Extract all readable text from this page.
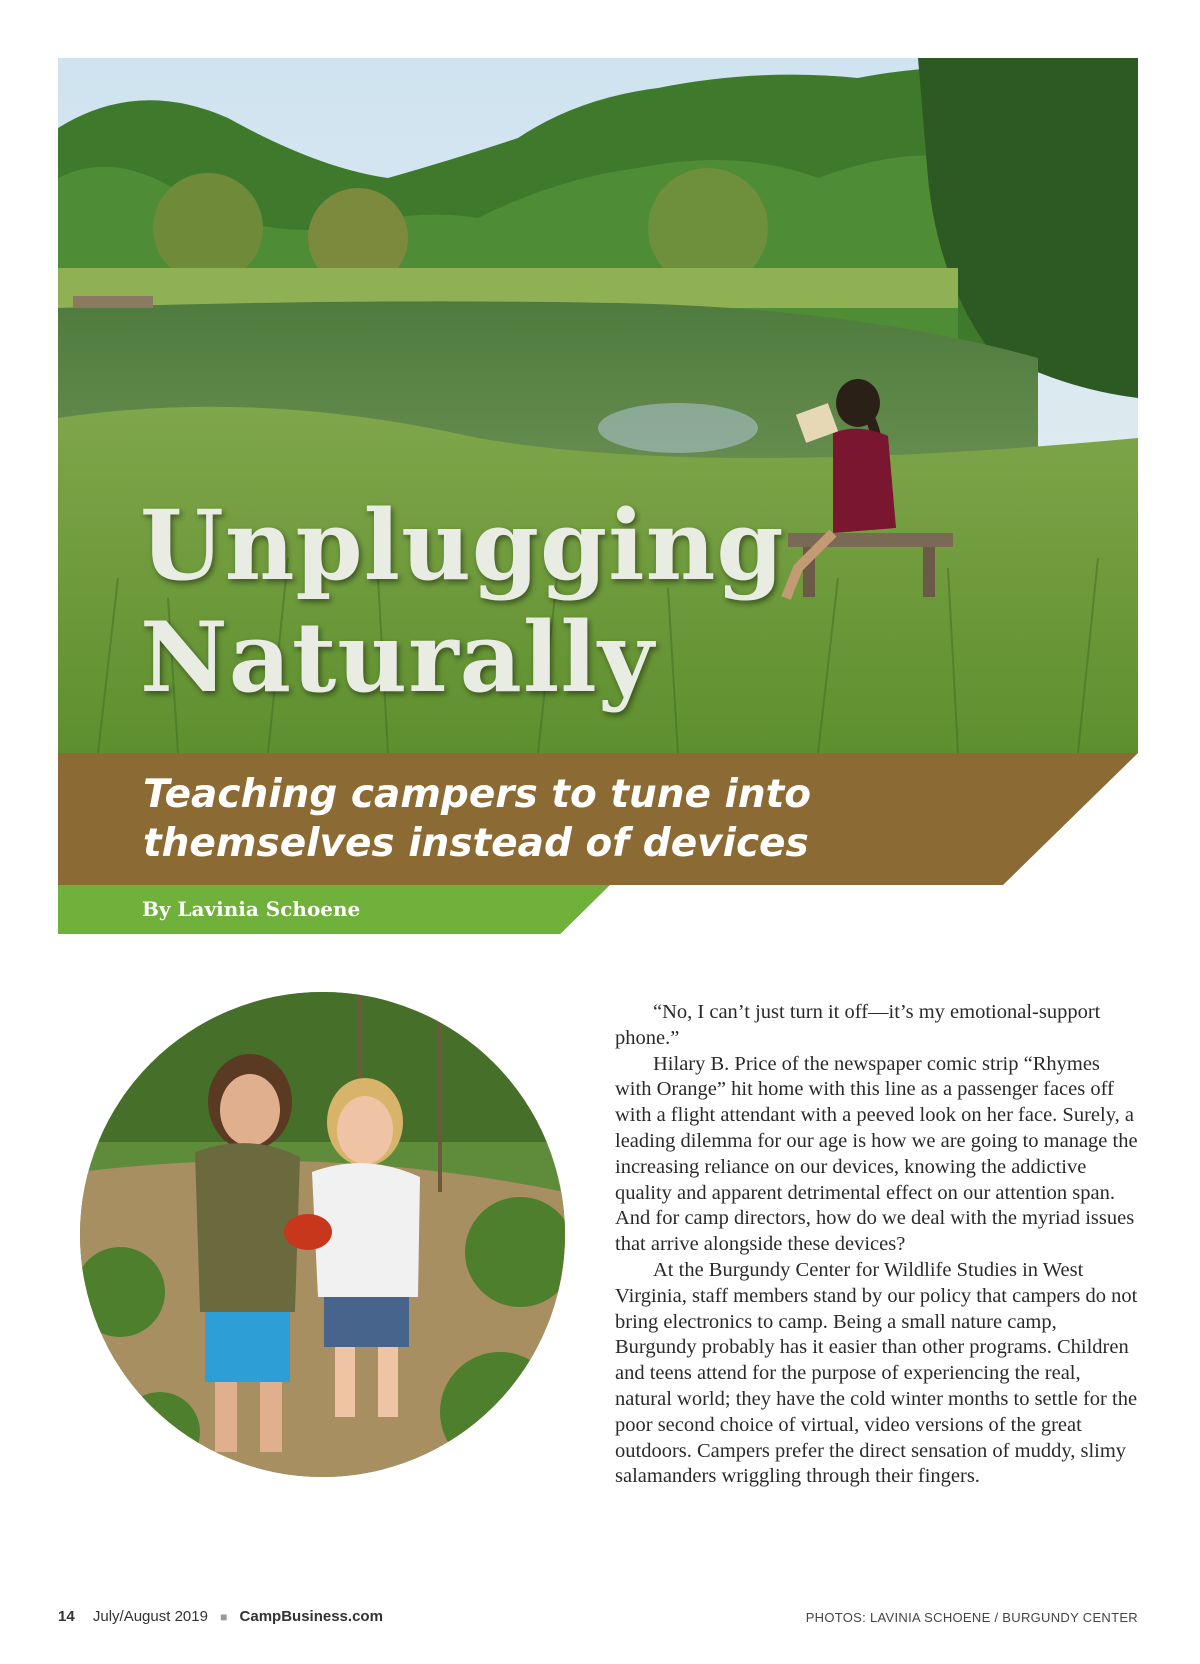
Unplugging
Naturally
Teaching campers to tune into themselves instead of devices

By Lavinia Schoene

“No, I can’t just turn it off—it’s my emotional-support phone.”

Hilary B. Price of the newspaper comic strip “Rhymes with Orange” hit home with this line as a passenger faces off with a flight attendant with a peeved look on her face. Surely, a leading dilemma for our age is how we are going to manage the increasing reliance on our devices, knowing the addictive quality and apparent detrimental effect on our attention span. And for camp directors, how do we deal with the myriad issues that arrive alongside these devices?

At the Burgundy Center for Wildlife Studies in West Virginia, staff members stand by our policy that campers do not bring electronics to camp. Being a small nature camp, Burgundy probably has it easier than other programs. Children and teens attend for the purpose of experiencing the real, natural world; they have the cold winter months to settle for the poor second choice of virtual, video versions of the great outdoors. Campers prefer the direct sensation of muddy, slimy salamanders wriggling through their fingers.

14 July/August 2019 ■ CampBusiness.com	PHOTOS: LAVINIA SCHOENE / BURGUNDY CENTER
